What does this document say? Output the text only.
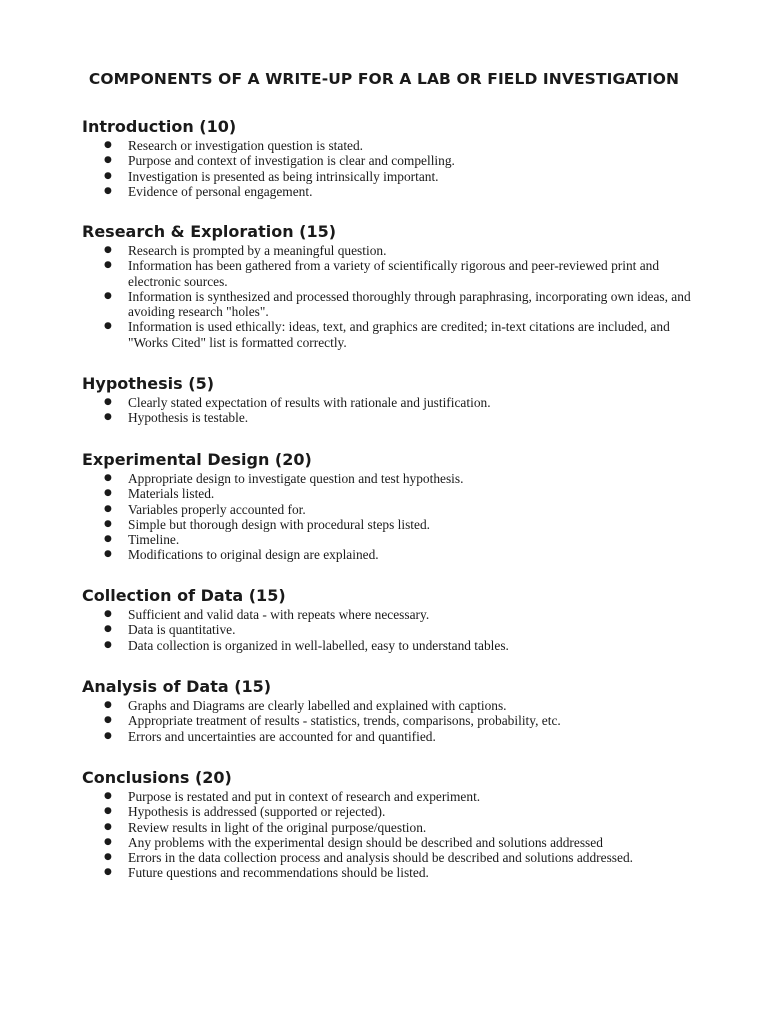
COMPONENTS OF A WRITE-UP FOR A LAB OR FIELD INVESTIGATION
Introduction (10)
● Research or investigation question is stated.
● Purpose and context of investigation is clear and compelling.
● Investigation is presented as being intrinsically important.
● Evidence of personal engagement.
Research & Exploration (15)
● Research is prompted by a meaningful question.
● Information has been gathered from a variety of scientifically rigorous and peer-reviewed print and electronic sources.
● Information is synthesized and processed thoroughly through paraphrasing, incorporating own ideas, and avoiding research "holes".
● Information is used ethically: ideas, text, and graphics are credited; in-text citations are included, and "Works Cited" list is formatted correctly.
Hypothesis (5)
● Clearly stated expectation of results with rationale and justification.
● Hypothesis is testable.
Experimental Design (20)
● Appropriate design to investigate question and test hypothesis.
● Materials listed.
● Variables properly accounted for.
● Simple but thorough design with procedural steps listed.
● Timeline.
● Modifications to original design are explained.
Collection of Data (15)
● Sufficient and valid data - with repeats where necessary.
● Data is quantitative.
● Data collection is organized in well-labelled, easy to understand tables.
Analysis of Data (15)
● Graphs and Diagrams are clearly labelled and explained with captions.
● Appropriate treatment of results - statistics, trends, comparisons, probability, etc.
● Errors and uncertainties are accounted for and quantified.
Conclusions (20)
● Purpose is restated and put in context of research and experiment.
● Hypothesis is addressed (supported or rejected).
● Review results in light of the original purpose/question.
● Any problems with the experimental design should be described and solutions addressed
● Errors in the data collection process and analysis should be described and solutions addressed.
● Future questions and recommendations should be listed.
